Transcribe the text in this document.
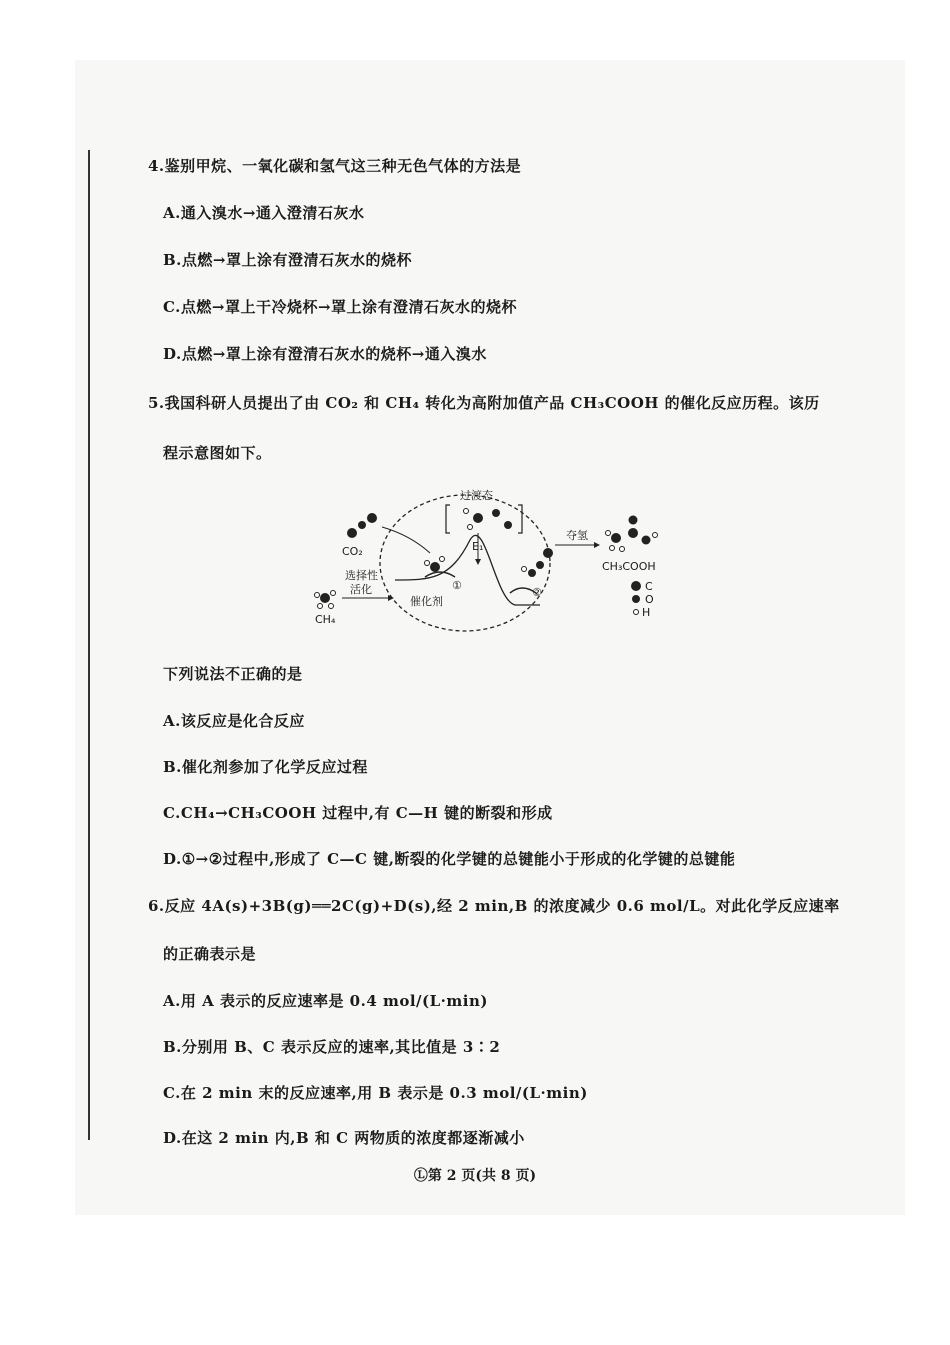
4.鉴别甲烷、一氧化碳和氢气这三种无色气体的方法是
A.通入溴水→通入澄清石灰水
B.点燃→罩上涂有澄清石灰水的烧杯
C.点燃→罩上干冷烧杯→罩上涂有澄清石灰水的烧杯
D.点燃→罩上涂有澄清石灰水的烧杯→通入溴水
5.我国科研人员提出了由 CO₂ 和 CH₄ 转化为高附加值产品 CH₃COOH 的催化反应历程。该历
程示意图如下。
E₁
过渡态
CO₂
CH₄
选择性
活化	①
催化剂
②
夺氢
CH₃COOH
C
O
H
下列说法不正确的是
A.该反应是化合反应
B.催化剂参加了化学反应过程
C.CH₄→CH₃COOH 过程中,有 C—H 键的断裂和形成
D.①→②过程中,形成了 C—C 键,断裂的化学键的总键能小于形成的化学键的总键能
6.反应 4A(s)+3B(g)══2C(g)+D(s),经 2 min,B 的浓度减少 0.6 mol/L。对此化学反应速率
的正确表示是
A.用 A 表示的反应速率是 0.4 mol/(L·min)
B.分别用 B、C 表示反应的速率,其比值是 3∶2
C.在 2 min 末的反应速率,用 B 表示是 0.3 mol/(L·min)
D.在这 2 min 内,B 和 C 两物质的浓度都逐渐减小
Ⓛ第 2 页(共 8 页)
